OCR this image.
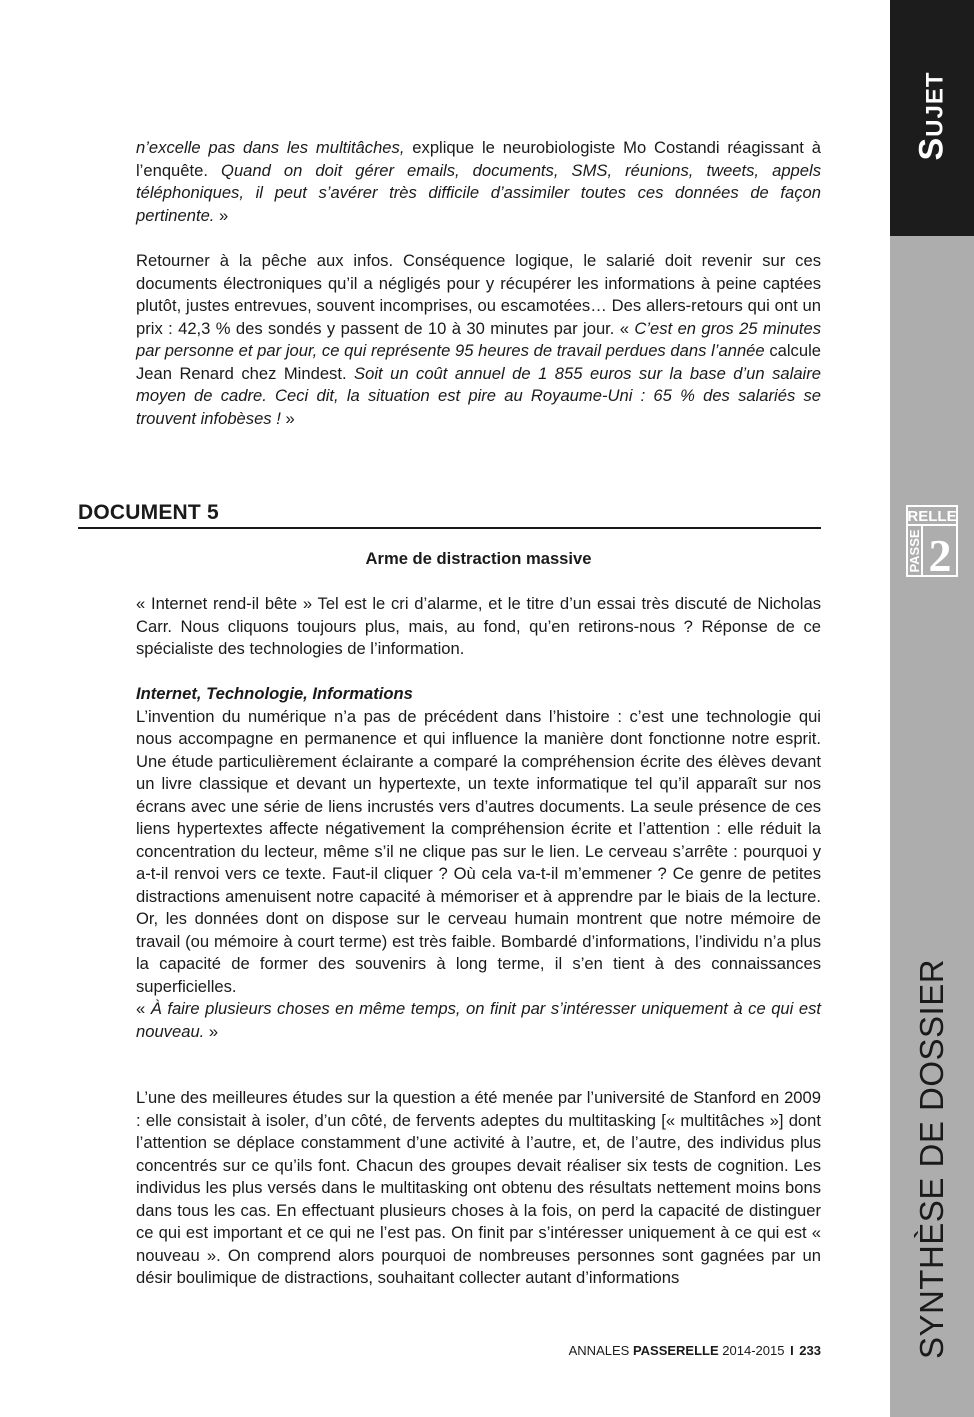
n’excelle pas dans les multitâches, explique le neurobiologiste Mo Costandi réagissant à l’enquête. Quand on doit gérer emails, documents, SMS, réunions, tweets, appels téléphoniques, il peut s’avérer très difficile d’assimiler toutes ces données de façon pertinente. »

Retourner à la pêche aux infos. Conséquence logique, le salarié doit revenir sur ces documents électroniques qu’il a négligés pour y récupérer les informations à peine captées plutôt, justes entrevues, souvent incomprises, ou escamotées… Des allers-retours qui ont un prix : 42,3 % des sondés y passent de 10 à 30 minutes par jour. « C’est en gros 25 minutes par personne et par jour, ce qui représente 95 heures de travail perdues dans l’année calcule Jean Renard chez Mindest. Soit un coût annuel de 1 855 euros sur la base d’un salaire moyen de cadre. Ceci dit, la situation est pire au Royaume-Uni : 65 % des salariés se trouvent infobèses ! »

DOCUMENT 5
Arme de distraction massive

« Internet rend-il bête » Tel est le cri d’alarme, et le titre d’un essai très discuté de Nicholas Carr. Nous cliquons toujours plus, mais, au fond, qu’en retirons-nous ? Réponse de ce spécialiste des technologies de l’information.

Internet, Technologie, Informations

L’invention du numérique n’a pas de précédent dans l’histoire : c’est une technologie qui nous accompagne en permanence et qui influence la manière dont fonctionne notre esprit. Une étude particulièrement éclairante a comparé la compréhension écrite des élèves devant un livre classique et devant un hypertexte, un texte informatique tel qu’il apparaît sur nos écrans avec une série de liens incrustés vers d’autres documents. La seule présence de ces liens hypertextes affecte négativement la compréhension écrite et l’attention : elle réduit la concentration du lecteur, même s’il ne clique pas sur le lien. Le cerveau s’arrête : pourquoi y a-t-il renvoi vers ce texte. Faut-il cliquer ? Où cela va-t-il m’emmener ? Ce genre de petites distractions amenuisent notre capacité à mémoriser et à apprendre par le biais de la lecture. Or, les données dont on dispose sur le cerveau humain montrent que notre mémoire de travail (ou mémoire à court terme) est très faible. Bombardé d’informations, l’individu n’a plus la capacité de former des souvenirs à long terme, il s’en tient à des connaissances superficielles.

« À faire plusieurs choses en même temps, on finit par s’intéresser uniquement à ce qui est nouveau. »

L’une des meilleures études sur la question a été menée par l’université de Stanford en 2009 : elle consistait à isoler, d’un côté, de fervents adeptes du multitasking [« multitâches »] dont l’attention se déplace constamment d’une activité à l’autre, et, de l’autre, des individus plus concentrés sur ce qu’ils font. Chacun des groupes devait réaliser six tests de cognition. Les individus les plus versés dans le multitasking ont obtenu des résultats nettement moins bons dans tous les cas. En effectuant plusieurs choses à la fois, on perd la capacité de distinguer ce qui est important et ce qui ne l’est pas. On finit par s’intéresser uniquement à ce qui est « nouveau ». On comprend alors pourquoi de nombreuses personnes sont gagnées par un désir boulimique de distractions, souhaitant collecter autant d’informations

ANNALES PASSERELLE 2014-2015 I 233
Sujet
RELLE
PASSE 2
SYNTHÈSE DE DOSSIER
